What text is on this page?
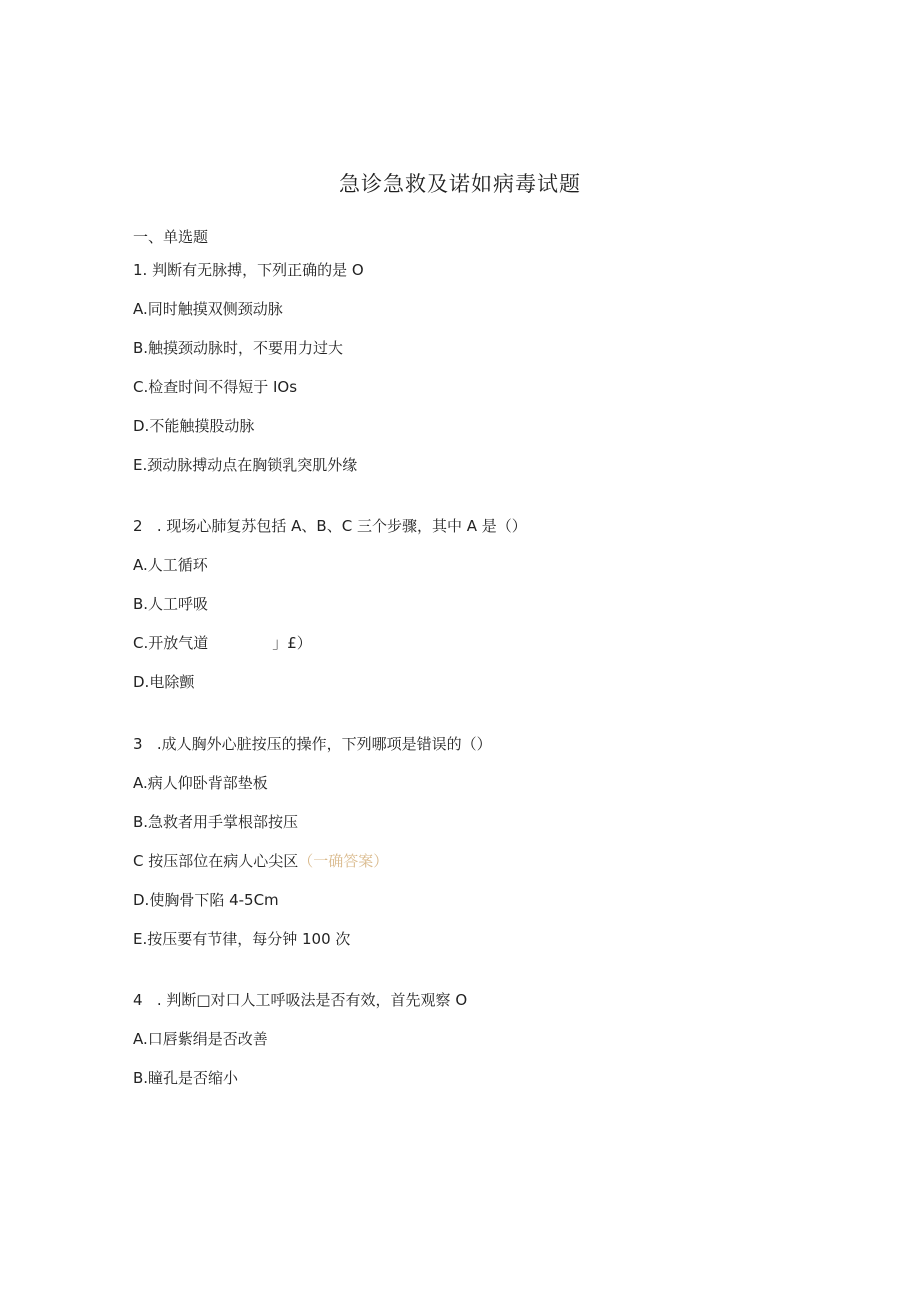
急诊急救及诺如病毒试题
一、单选题
1. 判断有无脉搏，下列正确的是 O
A.同时触摸双侧颈动脉
B.触摸颈动脉时，不要用力过大
C.检查时间不得短于 IOs
D.不能触摸股动脉
E.颈动脉搏动点在胸锁乳突肌外缘
2   . 现场心肺复苏包括 A、B、C 三个步骤，其中 A 是（）
A.人工循环
B.人工呼吸
C.开放气道	」£）
D.电除颤
3   .成人胸外心脏按压的操作，下列哪项是错误的（）
A.病人仰卧背部垫板
B.急救者用手掌根部按压
C 按压部位在病人心尖区（一确答案）
D.使胸骨下陷 4-5Cm
E.按压要有节律，每分钟 100 次
4   . 判断□对口人工呼吸法是否有效，首先观察 O
A.口唇紫绢是否改善
B.瞳孔是否缩小
